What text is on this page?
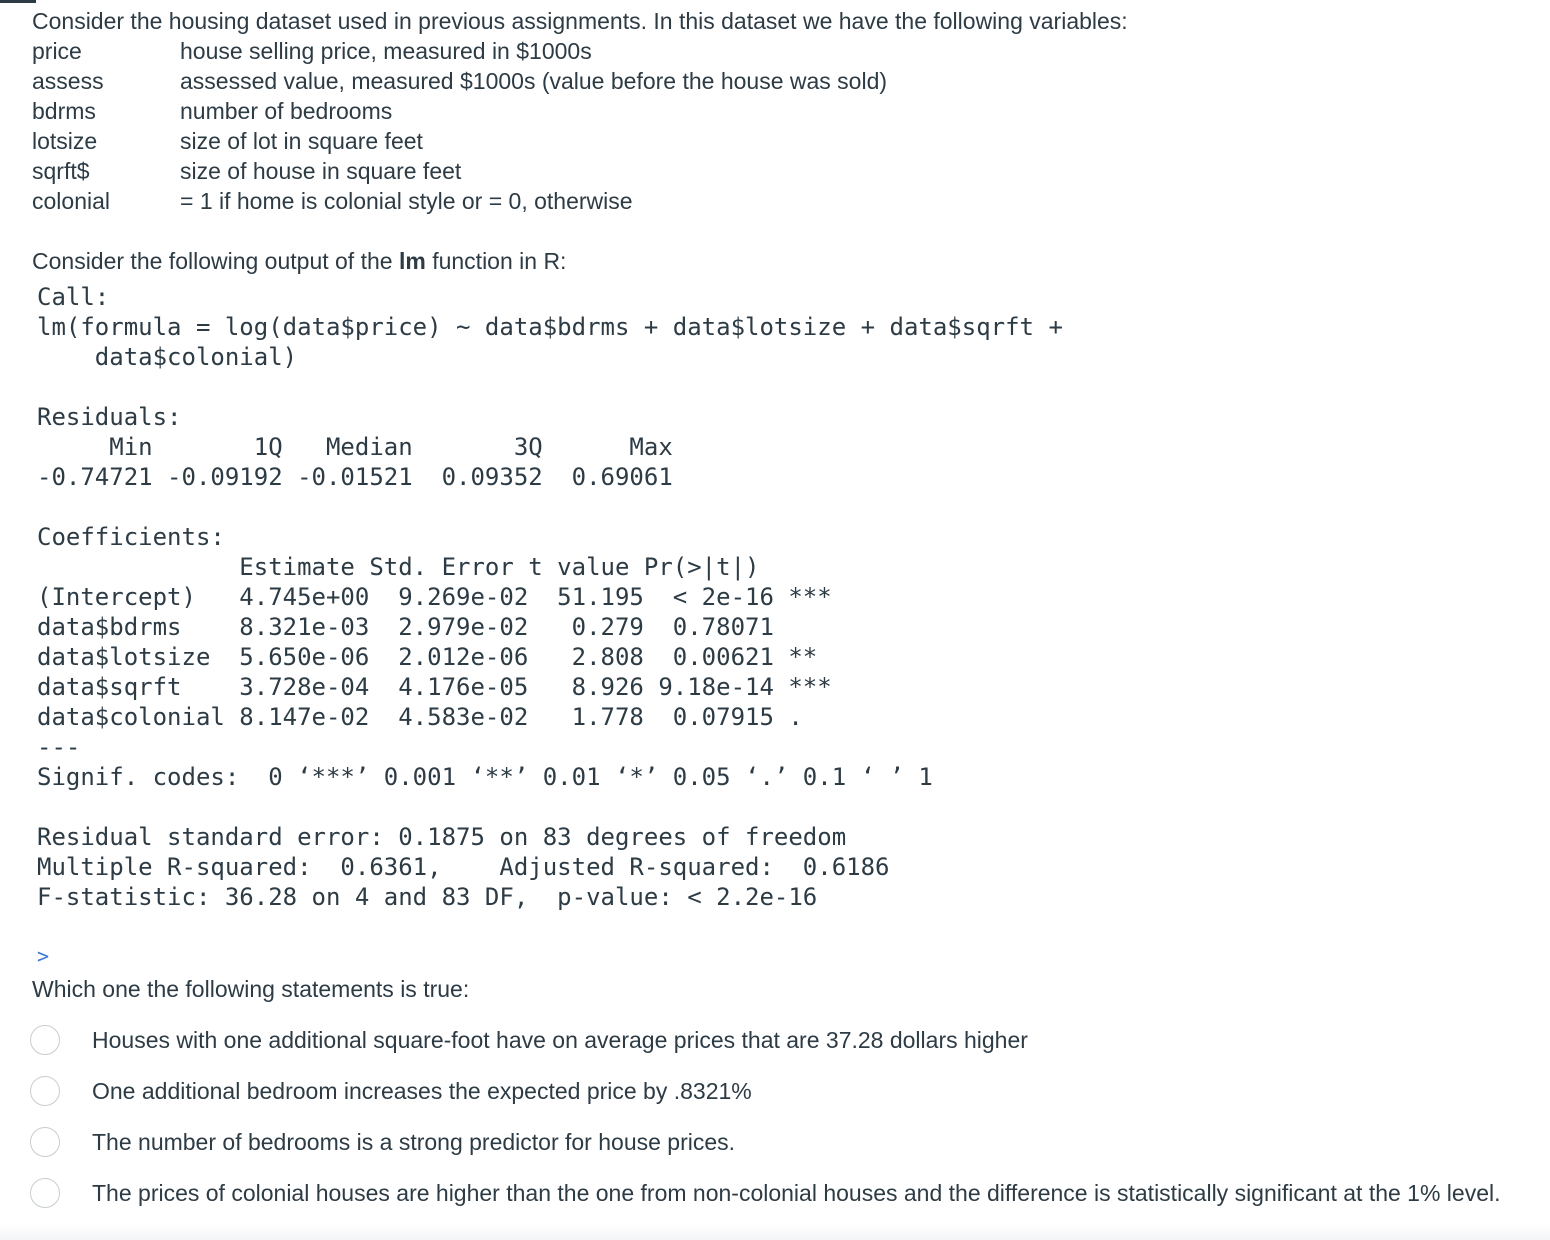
Consider the housing dataset used in previous assignments. In this dataset we have the following variables:
price	house selling price, measured in $1000s
assess	assessed value, measured $1000s (value before the house was sold)
bdrms	number of bedrooms
lotsize	size of lot in square feet
sqrft$	size of house in square feet
colonial	= 1 if home is colonial style or = 0, otherwise
Consider the following output of the lm function in R:
Call:
lm(formula = log(data$price) ~ data$bdrms + data$lotsize + data$sqrft +
data$colonial)

Residuals:
Min       1Q   Median       3Q      Max
-0.74721 -0.09192 -0.01521  0.09352  0.69061

Coefficients:
Estimate Std. Error t value Pr(>|t|)
(Intercept)   4.745e+00  9.269e-02  51.195  < 2e-16 ***
data$bdrms    8.321e-03  2.979e-02   0.279  0.78071
data$lotsize  5.650e-06  2.012e-06   2.808  0.00621 **
data$sqrft    3.728e-04  4.176e-05   8.926 9.18e-14 ***
data$colonial 8.147e-02  4.583e-02   1.778  0.07915 .
---
Signif. codes:  0 ‘***’ 0.001 ‘**’ 0.01 ‘*’ 0.05 ‘.’ 0.1 ‘ ’ 1

Residual standard error: 0.1875 on 83 degrees of freedom
Multiple R-squared:  0.6361,	Adjusted R-squared:  0.6186
F-statistic: 36.28 on 4 and 83 DF,  p-value: < 2.2e-16
>
Which one the following statements is true:
Houses with one additional square-foot have on average prices that are 37.28 dollars higher
One additional bedroom increases the expected price by .8321%
The number of bedrooms is a strong predictor for house prices.
The prices of colonial houses are higher than the one from non-colonial houses and the difference is statistically significant at the 1% level.
